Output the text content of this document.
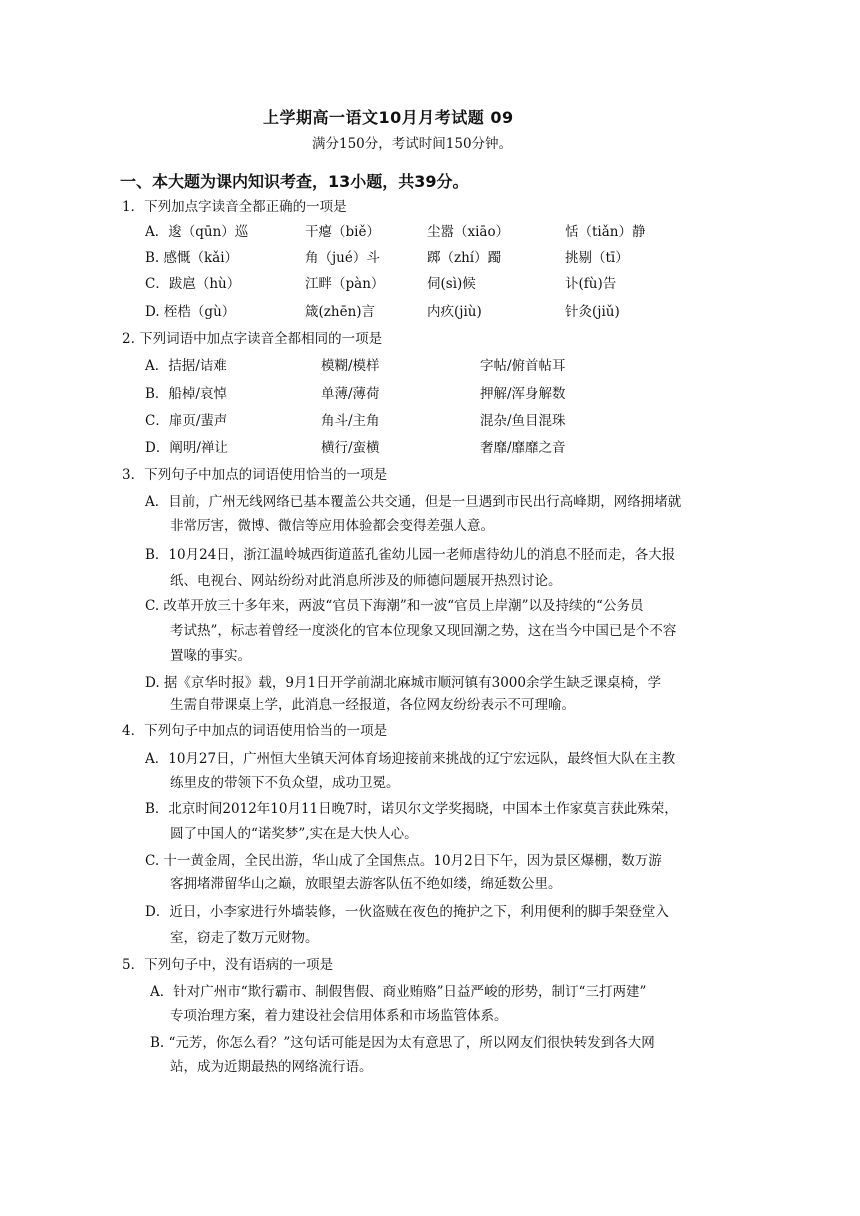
上学期高一语文10月月考试题 09
满分150分，考试时间150分钟。
一、本大题为课内知识考查，13小题，共39分。
1．下列加点字读音全都正确的一项是
A．逡（qūn）巡	干瘪（biě）	尘嚣（xiāo）	恬（tiǎn）静
B. 感慨（kǎi）	角（jué）斗	踯（zhí）躅	挑剔（tī）
C．跋扈（hù）	江畔（pàn）	伺(sì)候	讣(fù)告
D. 桎梏（gù）	箴(zhēn)言	内疚(jiù)	针灸(jiǔ)
2. 下列词语中加点字读音全都相同的一项是
A．拮据/诘难	模糊/模样	字帖/俯首帖耳
B．船棹/哀悼	单薄/薄荷	押解/浑身解数
C．扉页/蜚声	角斗/主角	混杂/鱼目混珠
D．阐明/禅让	横行/蛮横	奢靡/靡靡之音
3．下列句子中加点的词语使用恰当的一项是
A．目前，广州无线网络已基本覆盖公共交通，但是一旦遇到市民出行高峰期，网络拥堵就
非常厉害，微博、微信等应用体验都会变得差强人意。
B．10月24日，浙江温岭城西街道蓝孔雀幼儿园一老师虐待幼儿的消息不胫而走，各大报
纸、电视台、网站纷纷对此消息所涉及的师德问题展开热烈讨论。
C. 改革开放三十多年来，两波“官员下海潮”和一波“官员上岸潮”以及持续的“公务员
考试热”，标志着曾经一度淡化的官本位现象又现回潮之势，这在当今中国已是个不容
置喙的事实。
D. 据《京华时报》载，9月1日开学前湖北麻城市顺河镇有3000余学生缺乏课桌椅，学
生需自带课桌上学，此消息一经报道，各位网友纷纷表示不可理喻。
4．下列句子中加点的词语使用恰当的一项是
A．10月27日，广州恒大坐镇天河体育场迎接前来挑战的辽宁宏远队，最终恒大队在主教
练里皮的带领下不负众望，成功卫冕。
B．北京时间2012年10月11日晚7时，诺贝尔文学奖揭晓，中国本土作家莫言获此殊荣，
圆了中国人的“诺奖梦”,实在是大快人心。
C. 十一黄金周，全民出游，华山成了全国焦点。10月2日下午，因为景区爆棚，数万游
客拥堵滞留华山之巅，放眼望去游客队伍不绝如缕，绵延数公里。
D．近日，小李家进行外墙装修，一伙盗贼在夜色的掩护之下，利用便利的脚手架登堂入
室，窃走了数万元财物。
5．下列句子中，没有语病的一项是
A．针对广州市“欺行霸市、制假售假、商业贿赂”日益严峻的形势，制订“三打两建”
专项治理方案，着力建设社会信用体系和市场监管体系。
B. “元芳，你怎么看？”这句话可能是因为太有意思了，所以网友们很快转发到各大网
站，成为近期最热的网络流行语。
